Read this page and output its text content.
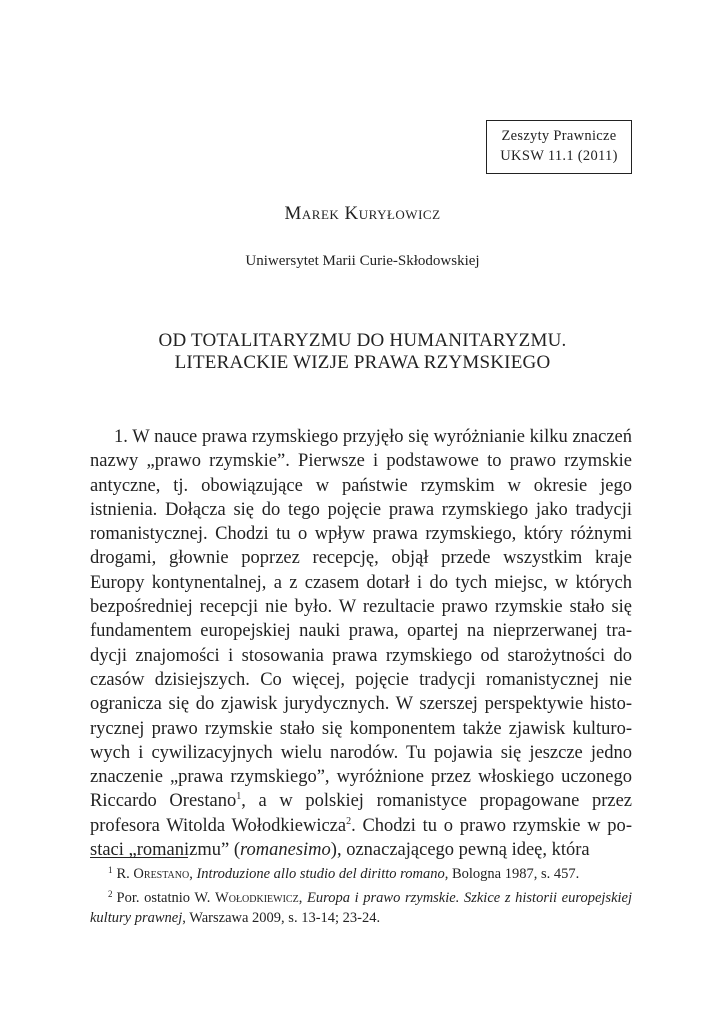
Zeszyty Prawnicze
UKSW 11.1 (2011)
Marek Kuryłowicz
Uniwersytet Marii Curie-Skłodowskiej
OD TOTALITARYZMU DO HUMANITARYZMU.
LITERACKIE WIZJE PRAWA RZYMSKIEGO

1. W nauce prawa rzymskiego przyjęło się wyróżnianie kilku znaczeń nazwy „prawo rzymskie”. Pierwsze i podstawowe to prawo rzymskie antyczne, tj. obowiązujące w państwie rzymskim w okresie jego istnienia. Dołącza się do tego pojęcie prawa rzymskiego jako tradycji romanistycznej. Chodzi tu o wpływ prawa rzymskiego, który różnymi drogami, głownie poprzez recepcję, objął przede wszystkim kraje Europy kontynentalnej, a z czasem dotarł i do tych miejsc, w których bezpośredniej recepcji nie było. W rezultacie prawo rzymskie stało się fundamentem europejskiej nauki prawa, opartej na nieprzerwanej tradycji znajomości i stosowania prawa rzymskiego od starożytności do czasów dzisiejszych. Co więcej, pojęcie tradycji romanistycznej nie ogranicza się do zjawisk jurydycznych. W szerszej perspektywie historycznej prawo rzymskie stało się komponentem także zjawisk kulturowych i cywilizacyjnych wielu narodów. Tu pojawia się jeszcze jedno znaczenie „prawa rzymskiego”, wyróżnione przez włoskiego uczonego Riccardo Orestano$^1$, a w polskiej romanistyce propagowane przez profesora Witolda Wołodkiewicza$^2$. Chodzi tu o prawo rzymskie w postaci „romanizmu” (romanesimo), oznaczającego pewną ideę, która

$^1$ R. Orestano, Introduzione allo studio del diritto romano, Bologna 1987, s. 457.

$^2$ Por. ostatnio W. Wołodkiewicz, Europa i prawo rzymskie. Szkice z historii europejskiej kultury prawnej, Warszawa 2009, s. 13-14; 23-24.
